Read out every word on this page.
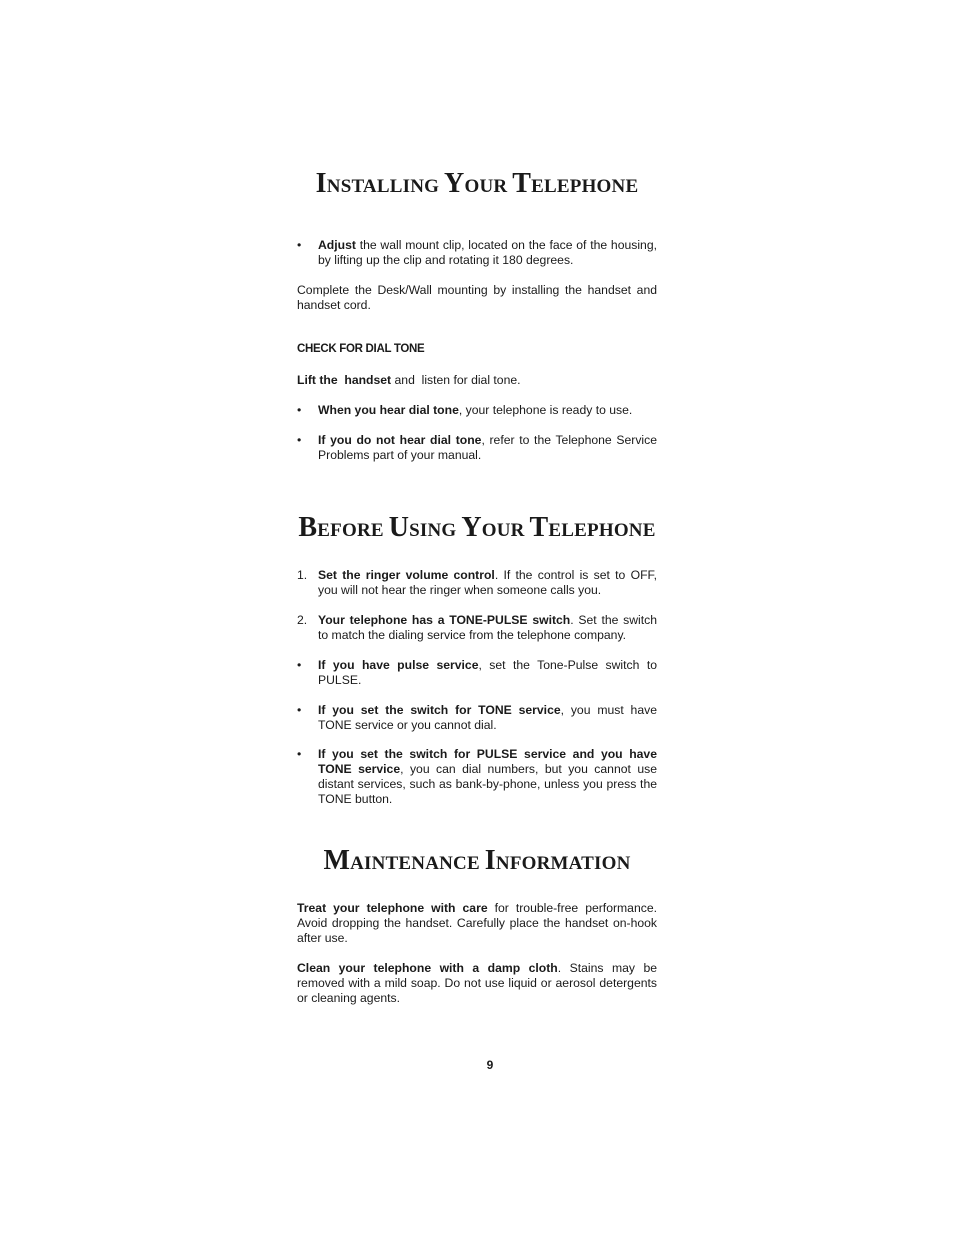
INSTALLING YOUR TELEPHONE
•	Adjust the wall mount clip, located on the face of the housing, by lifting up the clip and rotating it 180 degrees.
Complete the Desk/Wall mounting by installing the handset and handset cord.
CHECK FOR DIAL TONE
Lift the  handset and  listen for dial tone.
•	When you hear dial tone, your telephone is ready to use.
•	If you do not hear dial tone, refer to the Telephone Service Problems part of your manual.
BEFORE USING YOUR TELEPHONE
1. Set the ringer volume control. If the control is set to OFF, you will not hear the ringer when someone calls you.
2. Your telephone has a TONE-PULSE switch. Set the switch to match the dialing service from the telephone company.
•	If you have pulse service, set the Tone-Pulse switch to PULSE.
•	If you set the switch for TONE service, you must have TONE service or you cannot dial.
•	If you set the switch for PULSE service and you have TONE service, you can dial numbers, but you cannot use distant services, such as bank-by-phone, unless you press the TONE button.
MAINTENANCE INFORMATION
Treat your telephone with care for trouble-free performance. Avoid dropping the handset. Carefully place the handset on-hook after use.
Clean your telephone with a damp cloth. Stains may be removed with a mild soap. Do not use liquid or aerosol detergents or cleaning agents.
9
